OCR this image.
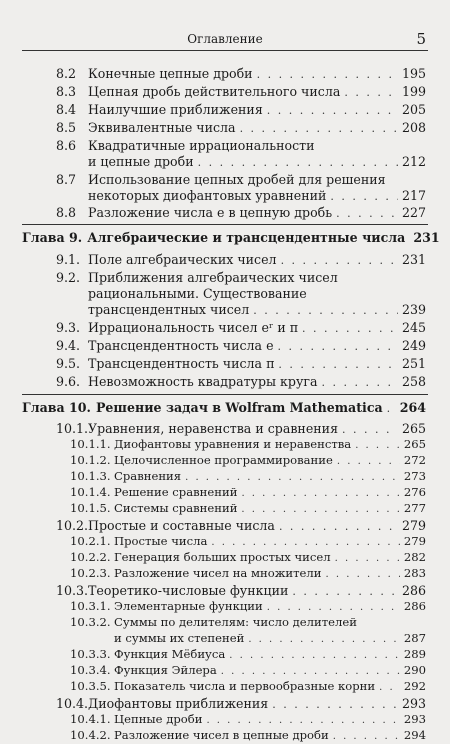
Оглавление	5
8.2 Конечные цепные дроби . . .	195
8.3 Цепная дробь действительного числа . . .	199
8.4 Наилучшие приближения . . .	205
8.5 Эквивалентные числа . . .	208
8.6 Квадратичные иррациональности
и цепные дроби . . .	212
8.7 Использование цепных дробей для решения
некоторых диофантовых уравнений . . .	217
8.8 Разложение числа e в цепную дробь . . .	227
Глава 9. Алгебраические и трансцендентные числа 231
9.1. Поле алгебраических чисел . . .	231
9.2. Приближения алгебраических чисел
рациональными. Существование
трансцендентных чисел . . .	239
9.3. Иррациональность чисел eʳ и π . . .	245
9.4. Трансцендентность числа e . . .	249
9.5. Трансцендентность числа π . . .	251
9.6. Невозможность квадратуры круга . . .	258
Глава 10. Решение задач в Wolfram Mathematica . . . 264
10.1. Уравнения, неравенства и сравнения . . .	265
10.1.1. Диофантовы уравнения и неравенства . . .	265
10.1.2. Целочисленное программирование . . .	272
10.1.3. Сравнения . . .	273
10.1.4. Решение сравнений . . .	276
10.1.5. Системы сравнений . . .	277
10.2. Простые и составные числа . . .	279
10.2.1. Простые числа . . .	279
10.2.2. Генерация больших простых чисел . . .	282
10.2.3. Разложение чисел на множители . . .	283
10.3. Теоретико-числовые функции . . .	286
10.3.1. Элементарные функции . . .	286
10.3.2. Суммы по делителям: число делителей
и суммы их степеней . . .	287
10.3.3. Функция Мёбиуса . . .	289
10.3.4. Функция Эйлера . . .	290
10.3.5. Показатель числа и первообразные корни . . . 292
10.4. Диофантовы приближения . . .	293
10.4.1. Цепные дроби . . .	293
10.4.2. Разложение чисел в цепные дроби . . .	294
